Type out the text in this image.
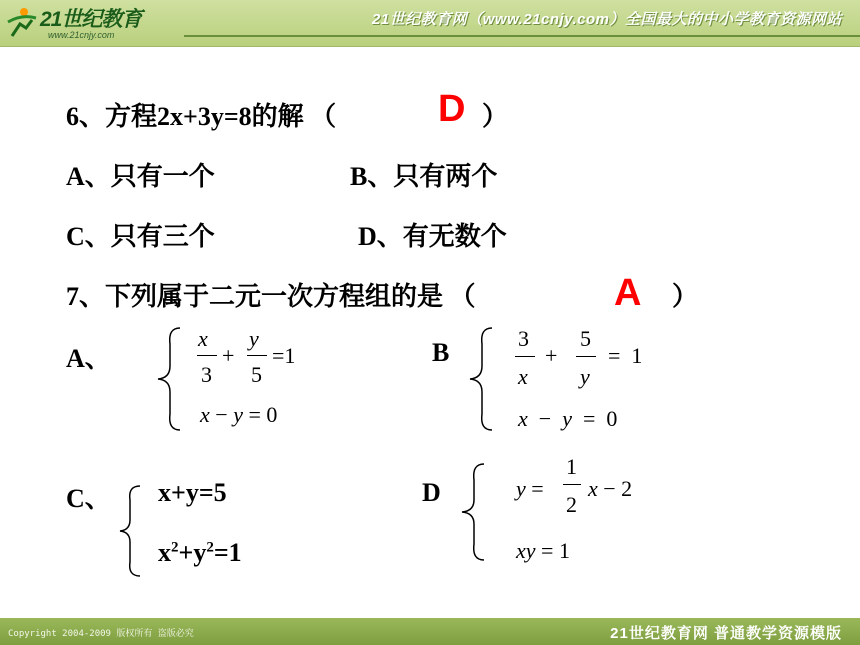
21世纪教育
www.21cnjy.com
21世纪教育网（www.21cnjy.com）全国最大的中小学教育资源网站
6、方程2x+3y=8的解 （	D ）
A、只有一个	B、只有两个
C、只有三个	D、有无数个
7、下列属于二元一次方程组的是 （	A ）
A、
x
3
+
y
5
=1
x − y = 0
B	3
x
+
5
y
=  1
x  −  y  =  0
C、 x+y=5
$x^2+y^2=1$
D	y =
1
2
x − 2
xy = 1
Copyright 2004-2009 版权所有 盗版必究	21世纪教育网 普通教学资源模版
